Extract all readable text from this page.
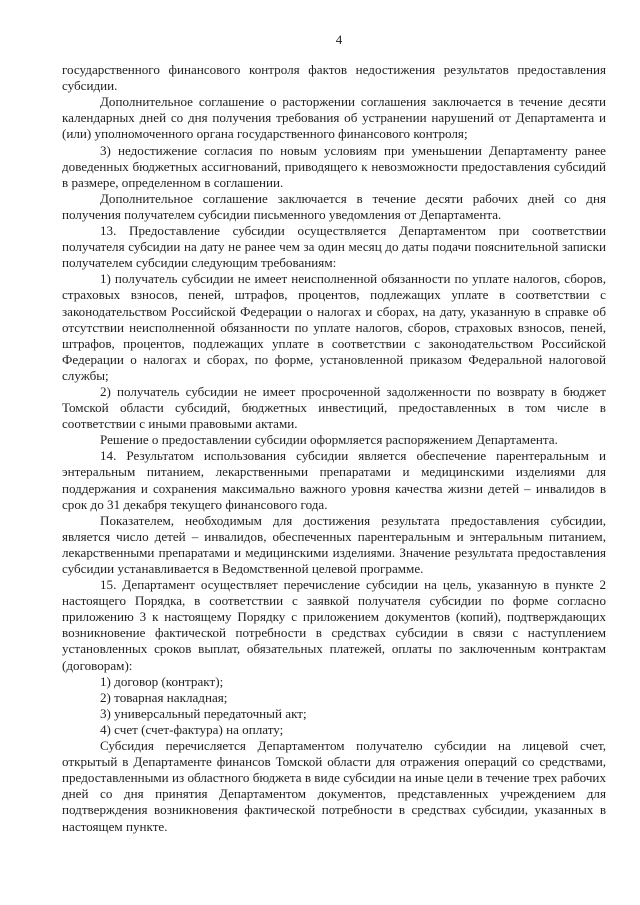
4

государственного финансового контроля фактов недостижения результатов предоставления субсидии.

Дополнительное соглашение о расторжении соглашения заключается в течение десяти календарных дней со дня получения требования об устранении нарушений от Департамента и (или) уполномоченного органа государственного финансового контроля;

3) недостижение согласия по новым условиям при уменьшении Департаменту ранее доведенных бюджетных ассигнований, приводящего к невозможности предоставления субсидий в размере, определенном в соглашении.

Дополнительное соглашение заключается в течение десяти рабочих дней со дня получения получателем субсидии письменного уведомления от Департамента.

13. Предоставление субсидии осуществляется Департаментом при соответствии получателя субсидии на дату не ранее чем за один месяц до даты подачи пояснительной записки получателем субсидии следующим требованиям:

1) получатель субсидии не имеет неисполненной обязанности по уплате налогов, сборов, страховых взносов, пеней, штрафов, процентов, подлежащих уплате в соответствии с законодательством Российской Федерации о налогах и сборах, на дату, указанную в справке об отсутствии неисполненной обязанности по уплате налогов, сборов, страховых взносов, пеней, штрафов, процентов, подлежащих уплате в соответствии с законодательством Российской Федерации о налогах и сборах, по форме, установленной приказом Федеральной налоговой службы;

2) получатель субсидии не имеет просроченной задолженности по возврату в бюджет Томской области субсидий, бюджетных инвестиций, предоставленных в том числе в соответствии с иными правовыми актами.

Решение о предоставлении субсидии оформляется распоряжением Департамента.

14. Результатом использования субсидии является обеспечение парентеральным и энтеральным питанием, лекарственными препаратами и медицинскими изделиями для поддержания и сохранения максимально важного уровня качества жизни детей – инвалидов в срок до 31 декабря текущего финансового года.

Показателем, необходимым для достижения результата предоставления субсидии, является число детей – инвалидов, обеспеченных парентеральным и энтеральным питанием, лекарственными препаратами и медицинскими изделиями. Значение результата предоставления субсидии устанавливается в Ведомственной целевой программе.

15. Департамент осуществляет перечисление субсидии на цель, указанную в пункте 2 настоящего Порядка, в соответствии с заявкой получателя субсидии по форме согласно приложению 3 к настоящему Порядку с приложением документов (копий), подтверждающих возникновение фактической потребности в средствах субсидии в связи с наступлением установленных сроков выплат, обязательных платежей, оплаты по заключенным контрактам (договорам):

1) договор (контракт);

2) товарная накладная;

3) универсальный передаточный акт;

4) счет (счет-фактура) на оплату;

Субсидия перечисляется Департаментом получателю субсидии на лицевой счет, открытый в Департаменте финансов Томской области для отражения операций со средствами, предоставленными из областного бюджета в виде субсидии на иные цели в течение трех рабочих дней со дня принятия Департаментом документов, представленных учреждением для подтверждения возникновения фактической потребности в средствах субсидии, указанных в настоящем пункте.
